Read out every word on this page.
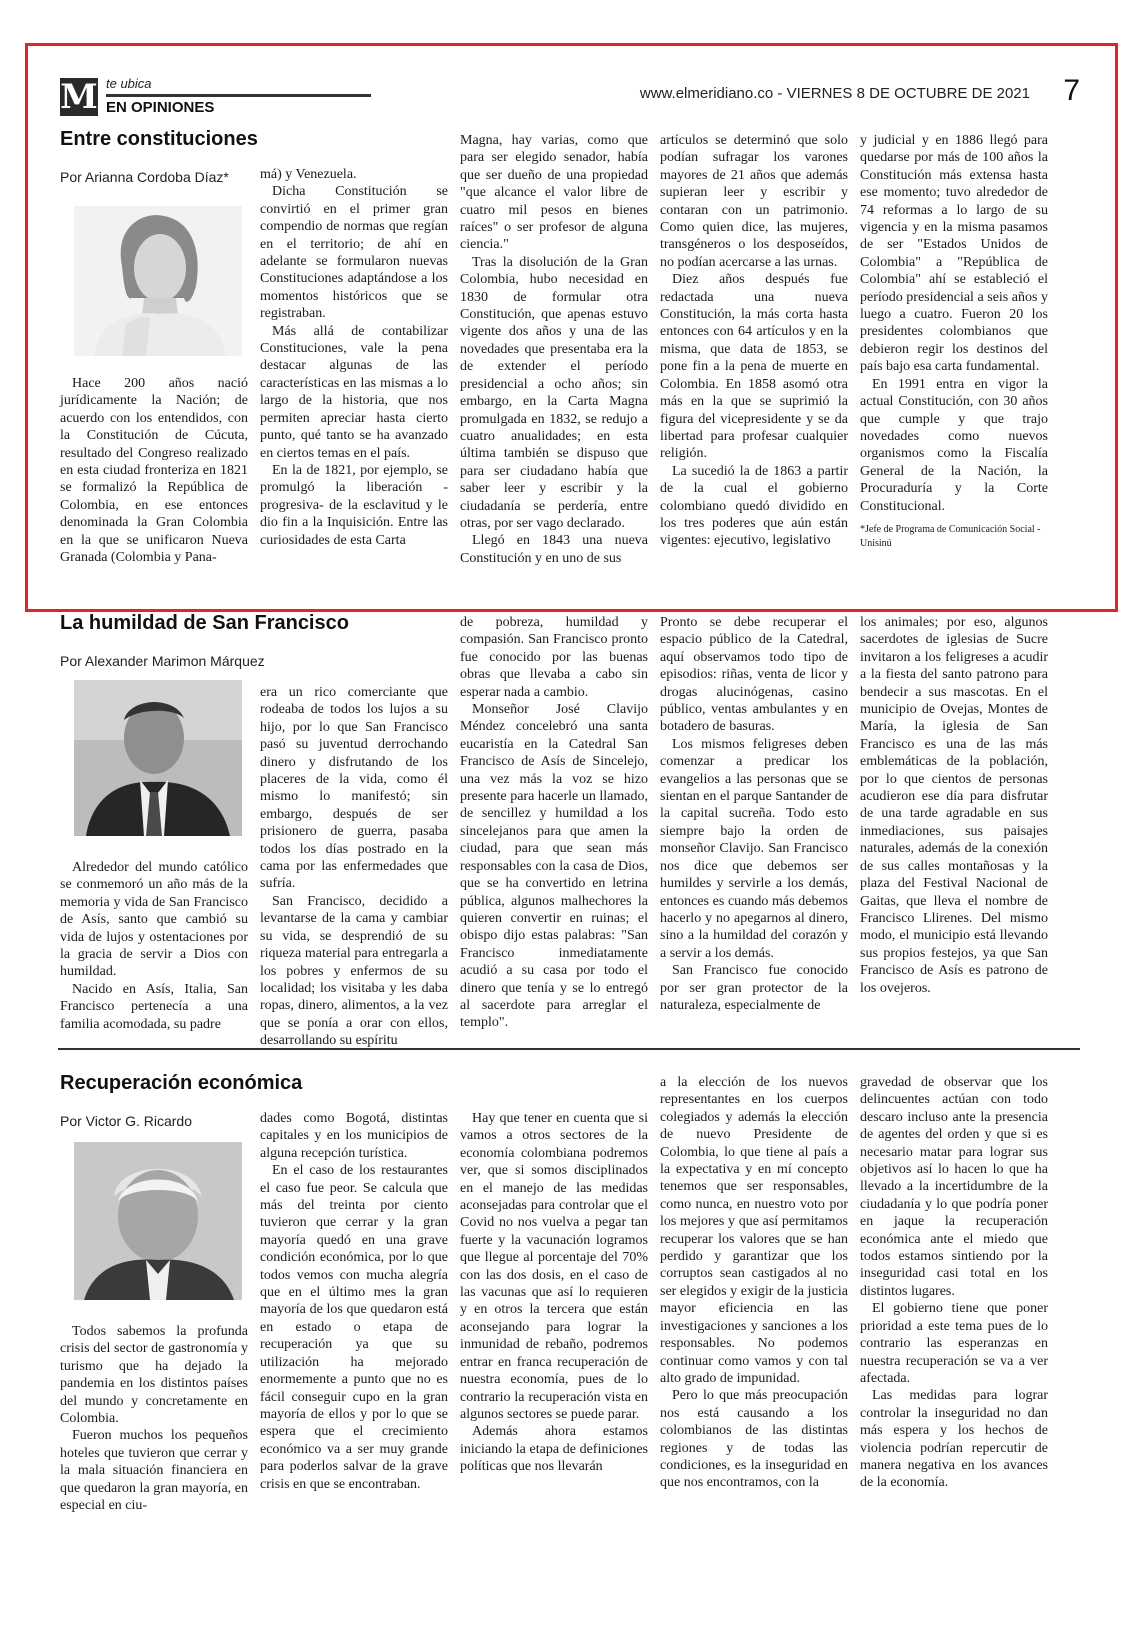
M te ubica
EN OPINIONES
www.elmeridiano.co - VIERNES 8 DE OCTUBRE DE 2021 7
Entre constituciones
Por Arianna Cordoba Díaz*

Hace 200 años nació jurídicamente la Nación; de acuerdo con los entendidos, con la Constitución de Cúcuta, resultado del Congreso realizado en esta ciudad fronteriza en 1821 se formalizó la República de Colombia, en ese entonces denominada la Gran Colombia en la que se unificaron Nueva Granada (Colombia y Pana-

má) y Venezuela.

Dicha Constitución se convirtió en el primer gran compendio de normas que regían en el territorio; de ahí en adelante se formularon nuevas Constituciones adaptándose a los momentos históricos que se registraban.

Más allá de contabilizar Constituciones, vale la pena destacar algunas de las características en las mismas a lo largo de la historia, que nos permiten apreciar hasta cierto punto, qué tanto se ha avanzado en ciertos temas en el país.

En la de 1821, por ejemplo, se promulgó la liberación - progresiva- de la esclavitud y le dio fin a la Inquisición. Entre las curiosidades de esta Carta

Magna, hay varias, como que para ser elegido senador, había que ser dueño de una propiedad "que alcance el valor libre de cuatro mil pesos en bienes raíces" o ser profesor de alguna ciencia."

Tras la disolución de la Gran Colombia, hubo necesidad en 1830 de formular otra Constitución, que apenas estuvo vigente dos años y una de las novedades que presentaba era la de extender el período presidencial a ocho años; sin embargo, en la Carta Magna promulgada en 1832, se redujo a cuatro anualidades; en esta última también se dispuso que para ser ciudadano había que saber leer y escribir y la ciudadanía se perdería, entre otras, por ser vago declarado.

Llegó en 1843 una nueva Constitución y en uno de sus

artículos se determinó que solo podían sufragar los varones mayores de 21 años que además supieran leer y escribir y contaran con un patrimonio. Como quien dice, las mujeres, transgéneros o los desposeídos, no podían acercarse a las urnas.

Diez años después fue redactada una nueva Constitución, la más corta hasta entonces con 64 artículos y en la misma, que data de 1853, se pone fin a la pena de muerte en Colombia. En 1858 asomó otra más en la que se suprimió la figura del vicepresidente y se da libertad para profesar cualquier religión.

La sucedió la de 1863 a partir de la cual el gobierno colombiano quedó dividido en los tres poderes que aún están vigentes: ejecutivo, legislativo

y judicial y en 1886 llegó para quedarse por más de 100 años la Constitución más extensa hasta ese momento; tuvo alrededor de 74 reformas a lo largo de su vigencia y en la misma pasamos de ser "Estados Unidos de Colombia" a "República de Colombia" ahí se estableció el período presidencial a seis años y luego a cuatro. Fueron 20 los presidentes colombianos que debieron regir los destinos del país bajo esa carta fundamental.

En 1991 entra en vigor la actual Constitución, con 30 años que cumple y que trajo novedades como nuevos organismos como la Fiscalía General de la Nación, la Procuraduría y la Corte Constitucional.

*Jefe de Programa de Comunicación Social - Unisinú

La humildad de San Francisco
Por Alexander Marimon Márquez

Alrededor del mundo católico se conmemoró un año más de la memoria y vida de San Francisco de Asís, santo que cambió su vida de lujos y ostentaciones por la gracia de servir a Dios con humildad.

Nacido en Asís, Italia, San Francisco pertenecía a una familia acomodada, su padre

era un rico comerciante que rodeaba de todos los lujos a su hijo, por lo que San Francisco pasó su juventud derrochando dinero y disfrutando de los placeres de la vida, como él mismo lo manifestó; sin embargo, después de ser prisionero de guerra, pasaba todos los días postrado en la cama por las enfermedades que sufría.

San Francisco, decidido a levantarse de la cama y cambiar su vida, se desprendió de su riqueza material para entregarla a los pobres y enfermos de su localidad; los visitaba y les daba ropas, dinero, alimentos, a la vez que se ponía a orar con ellos, desarrollando su espíritu

de pobreza, humildad y compasión. San Francisco pronto fue conocido por las buenas obras que llevaba a cabo sin esperar nada a cambio.

Monseñor José Clavijo Méndez concelebró una santa eucaristía en la Catedral San Francisco de Asís de Sincelejo, una vez más la voz se hizo presente para hacerle un llamado, de sencillez y humildad a los sincelejanos para que amen la ciudad, para que sean más responsables con la casa de Dios, que se ha convertido en letrina pública, algunos malhechores la quieren convertir en ruinas; el obispo dijo estas palabras: "San Francisco inmediatamente acudió a su casa por todo el dinero que tenía y se lo entregó al sacerdote para arreglar el templo".

Pronto se debe recuperar el espacio público de la Catedral, aquí observamos todo tipo de episodios: riñas, venta de licor y drogas alucinógenas, casino público, ventas ambulantes y en botadero de basuras.

Los mismos feligreses deben comenzar a predicar los evangelios a las personas que se sientan en el parque Santander de la capital sucreña. Todo esto siempre bajo la orden de monseñor Clavijo. San Francisco nos dice que debemos ser humildes y servirle a los demás, entonces es cuando más debemos hacerlo y no apegarnos al dinero, sino a la humildad del corazón y a servir a los demás.

San Francisco fue conocido por ser gran protector de la naturaleza, especialmente de

los animales; por eso, algunos sacerdotes de iglesias de Sucre invitaron a los feligreses a acudir a la fiesta del santo patrono para bendecir a sus mascotas. En el municipio de Ovejas, Montes de María, la iglesia de San Francisco es una de las más emblemáticas de la población, por lo que cientos de personas acudieron ese día para disfrutar de una tarde agradable en sus inmediaciones, sus paisajes naturales, además de la conexión de sus calles montañosas y la plaza del Festival Nacional de Gaitas, que lleva el nombre de Francisco Llirenes. Del mismo modo, el municipio está llevando sus propios festejos, ya que San Francisco de Asís es patrono de los ovejeros.

Recuperación económica
Por Victor G. Ricardo

Todos sabemos la profunda crisis del sector de gastronomía y turismo que ha dejado la pandemia en los distintos países del mundo y concretamente en Colombia.

Fueron muchos los pequeños hoteles que tuvieron que cerrar y la mala situación financiera en que quedaron la gran mayoría, en especial en ciu-

dades como Bogotá, distintas capitales y en los municipios de alguna recepción turística.

En el caso de los restaurantes el caso fue peor. Se calcula que más del treinta por ciento tuvieron que cerrar y la gran mayoría quedó en una grave condición económica, por lo que todos vemos con mucha alegría que en el último mes la gran mayoría de los que quedaron está en estado o etapa de recuperación ya que su utilización ha mejorado enormemente a punto que no es fácil conseguir cupo en la gran mayoría de ellos y por lo que se espera que el crecimiento económico va a ser muy grande para poderlos salvar de la grave crisis en que se encontraban.

Hay que tener en cuenta que si vamos a otros sectores de la economía colombiana podremos ver, que si somos disciplinados en el manejo de las medidas aconsejadas para controlar que el Covid no nos vuelva a pegar tan fuerte y la vacunación logramos que llegue al porcentaje del 70% con las dos dosis, en el caso de las vacunas que así lo requieren y en otros la tercera que están aconsejando para lograr la inmunidad de rebaño, podremos entrar en franca recuperación de nuestra economía, pues de lo contrario la recuperación vista en algunos sectores se puede parar.

Además ahora estamos iniciando la etapa de definiciones políticas que nos llevarán

a la elección de los nuevos representantes en los cuerpos colegiados y además la elección de nuevo Presidente de Colombia, lo que tiene al país a la expectativa y en mí concepto tenemos que ser responsables, como nunca, en nuestro voto por los mejores y que así permitamos recuperar los valores que se han perdido y garantizar que los corruptos sean castigados al no ser elegidos y exigir de la justicia mayor eficiencia en las investigaciones y sanciones a los responsables. No podemos continuar como vamos y con tal alto grado de impunidad.

Pero lo que más preocupación nos está causando a los colombianos de las distintas regiones y de todas las condiciones, es la inseguridad en que nos encontramos, con la

gravedad de observar que los delincuentes actúan con todo descaro incluso ante la presencia de agentes del orden y que si es necesario matar para lograr sus objetivos así lo hacen lo que ha llevado a la incertidumbre de la ciudadanía y lo que podría poner en jaque la recuperación económica ante el miedo que todos estamos sintiendo por la inseguridad casi total en los distintos lugares.

El gobierno tiene que poner prioridad a este tema pues de lo contrario las esperanzas en nuestra recuperación se va a ver afectada.

Las medidas para lograr controlar la inseguridad no dan más espera y los hechos de violencia podrían repercutir de manera negativa en los avances de la economía.
